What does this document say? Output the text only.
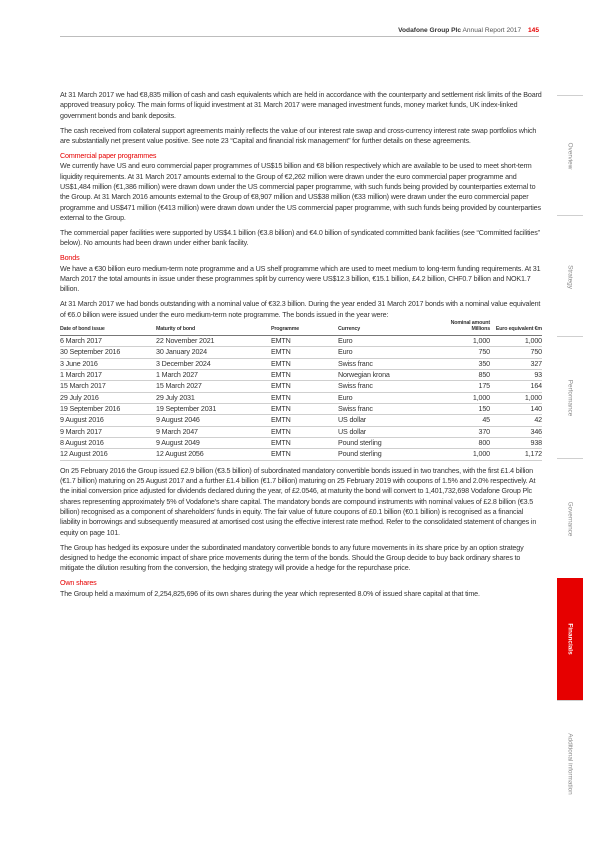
Vodafone Group Plc Annual Report 2017 145

At 31 March 2017 we had €8,835 million of cash and cash equivalents which are held in accordance with the counterparty and settlement risk limits of the Board approved treasury policy. The main forms of liquid investment at 31 March 2017 were managed investment funds, money market funds, UK index-linked government bonds and bank deposits.

The cash received from collateral support agreements mainly reflects the value of our interest rate swap and cross-currency interest rate swap portfolios which are substantially net present value positive. See note 23 “Capital and financial risk management” for further details on these agreements.

Commercial paper programmes

We currently have US and euro commercial paper programmes of US$15 billion and €8 billion respectively which are available to be used to meet short-term liquidity requirements. At 31 March 2017 amounts external to the Group of €2,262 million were drawn under the euro commercial paper programme and US$1,484 million (€1,386 million) were drawn down under the US commercial paper programme, with such funds being provided by counterparties external to the Group. At 31 March 2016 amounts external to the Group of €8,907 million and US$38 million (€33 million) were drawn under the euro commercial paper programme and US$471 million (€413 million) were drawn down under the US commercial paper programme, with such funds being provided by counterparties external to the Group.

The commercial paper facilities were supported by US$4.1 billion (€3.8 billion) and €4.0 billion of syndicated committed bank facilities (see “Committed facilities” below). No amounts had been drawn under either bank facility.

Bonds

We have a €30 billion euro medium-term note programme and a US shelf programme which are used to meet medium to long-term funding requirements. At 31 March 2017 the total amounts in issue under these programmes split by currency were US$12.3 billion, €15.1 billion, £4.2 billion, CHF0.7 billion and NOK1.7 billion.

At 31 March 2017 we had bonds outstanding with a nominal value of €32.3 billion. During the year ended 31 March 2017 bonds with a nominal value equivalent of €6.0 billion were issued under the euro medium-term note programme. The bonds issued in the year were:

Date of bond issue	Maturity of bond	Programme	Currency	Nominal amount Millions	Euro equivalent €m
6 March 2017	22 November 2021	EMTN	Euro	1,000	1,000
30 September 2016	30 January 2024	EMTN	Euro	750	750
3 June 2016	3 December 2024	EMTN	Swiss franc	350	327
1 March 2017	1 March 2027	EMTN	Norwegian krona	850	93
15 March 2017	15 March 2027	EMTN	Swiss franc	175	164
29 July 2016	29 July 2031	EMTN	Euro	1,000	1,000
19 September 2016	19 September 2031	EMTN	Swiss franc	150	140
9 August 2016	9 August 2046	EMTN	US dollar	45	42
9 March 2017	9 March 2047	EMTN	US dollar	370	346
8 August 2016	9 August 2049	EMTN	Pound sterling	800	938
12 August 2016	12 August 2056	EMTN	Pound sterling	1,000	1,172

On 25 February 2016 the Group issued £2.9 billion (€3.5 billion) of subordinated mandatory convertible bonds issued in two tranches, with the first £1.4 billion (€1.7 billion) maturing on 25 August 2017 and a further £1.4 billion (€1.7 billion) maturing on 25 February 2019 with coupons of 1.5% and 2.0% respectively. At the initial conversion price adjusted for dividends declared during the year, of £2.0546, at maturity the bond will convert to 1,401,732,698 Vodafone Group Plc shares representing approximately 5% of Vodafone’s share capital. The mandatory bonds are compound instruments with nominal values of £2.8 billion (€3.5 billion) recognised as a component of shareholders’ funds in equity. The fair value of future coupons of £0.1 billion (€0.1 billion) is recognised as a financial liability in borrowings and subsequently measured at amortised cost using the effective interest rate method. Refer to the consolidated statement of changes in equity on page 101.

The Group has hedged its exposure under the subordinated mandatory convertible bonds to any future movements in its share price by an option strategy designed to hedge the economic impact of share price movements during the term of the bonds. Should the Group decide to buy back ordinary shares to mitigate the dilution resulting from the conversion, the hedging strategy will provide a hedge for the repurchase price.

Own shares

The Group held a maximum of 2,254,825,696 of its own shares during the year which represented 8.0% of issued share capital at that time.

Overview
Strategy
Performance
Governance
Financials
Additional information
